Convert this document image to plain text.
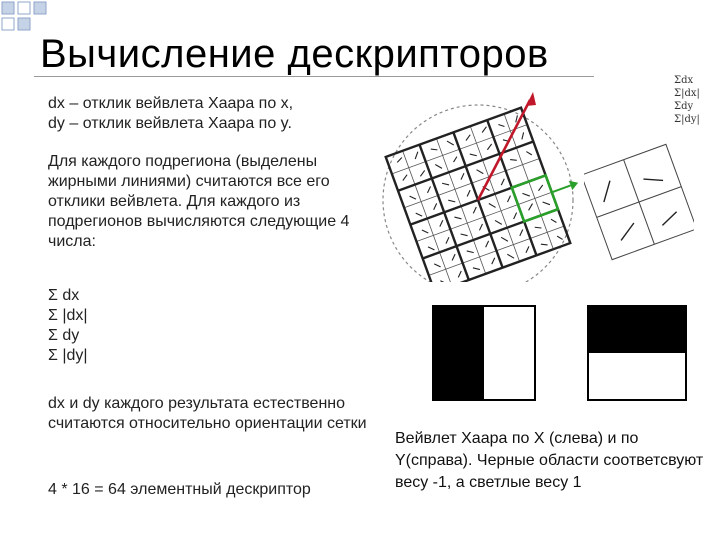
Вычисление дескрипторов

dx – отклик вейвлета Хаара по x,

dy – отклик вейвлета Хаара по y.

Для каждого подрегиона (выделены жирными линиями) считаются все его отклики вейвлета. Для каждого из подрегионов вычисляются следующие 4 числа:
Σ dx
Σ |dx|
Σ dy
Σ |dy|
dx и dy каждого результата естественно считаются относительно ориентации сетки
4 * 16 = 64 элементный дескриптор
Σdx
Σ|dx|
Σdy
Σ|dy|
Вейвлет Хаара по X (слева) и по Y(справа). Черные области соответсвуют весу -1, а светлые весу 1
